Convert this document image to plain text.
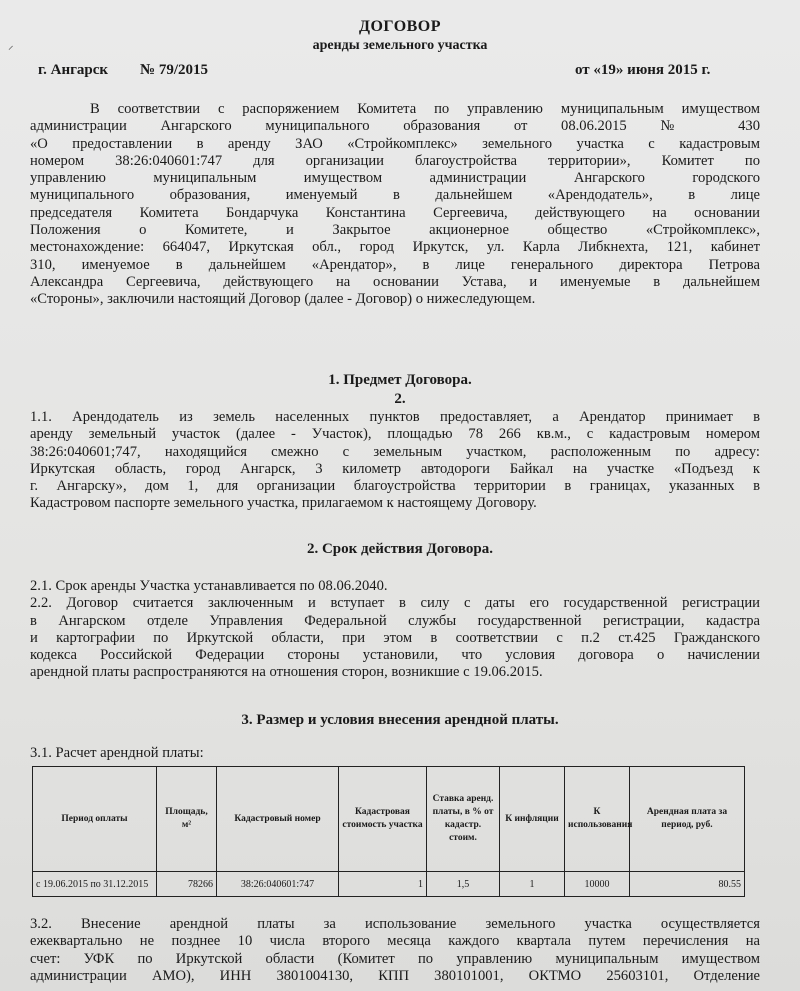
⸝
ДОГОВОР
аренды земельного участка
г. Ангарск № 79/2015	от «19» июня 2015 г.
В соответствии с распоряжением Комитета по управлению муниципальным имуществом
администрации Ангарского муниципального образования от 08.06.2015 № 430
«О предоставлении в аренду ЗАО «Стройкомплекс» земельного участка с кадастровым
номером 38:26:040601:747 для организации благоустройства территории», Комитет по
управлению муниципальным имуществом администрации Ангарского городского
муниципального образования, именуемый в дальнейшем «Арендодатель», в лице
председателя Комитета Бондарчука Константина Сергеевича, действующего на основании
Положения о Комитете, и Закрытое акционерное общество «Стройкомплекс»,
местонахождение: 664047, Иркутская обл., город Иркутск, ул. Карла Либкнехта, 121, кабинет
310, именуемое в дальнейшем «Арендатор», в лице генерального директора Петрова
Александра Сергеевича, действующего на основании Устава, и именуемые в дальнейшем
«Стороны», заключили настоящий Договор (далее - Договор) о нижеследующем.
1. Предмет Договора.
2.
1.1. Арендодатель из земель населенных пунктов предоставляет, а Арендатор принимает в
аренду земельный участок (далее - Участок), площадью 78 266 кв.м., с кадастровым номером
38:26:040601;747, находящийся смежно с земельным участком, расположенным по адресу:
Иркутская область, город Ангарск, 3 километр автодороги Байкал на участке «Подъезд к
г. Ангарску», дом 1, для организации благоустройства территории в границах, указанных в
Кадастровом паспорте земельного участка, прилагаемом к настоящему Договору.
2. Срок действия Договора.
2.1. Срок аренды Участка устанавливается по 08.06.2040.
2.2. Договор считается заключенным и вступает в силу с даты его государственной регистрации
в Ангарском отделе Управления Федеральной службы государственной регистрации, кадастра
и картографии по Иркутской области, при этом в соответствии с п.2 ст.425 Гражданского
кодекса Российской Федерации стороны установили, что условия договора о начислении
арендной платы распространяются на отношения сторон, возникшие с 19.06.2015.
3. Размер и условия внесения арендной платы.
3.1. Расчет арендной платы:
Период оплаты	Площадь, м²	Кадастровый номер	Кадастровая стоимость участка	Ставка аренд. платы, в % от кадастр. стоим.	К инфляции	К использования	Арендная плата за период, руб.
с 19.06.2015 по 31.12.2015	78266	38:26:040601:747	1	1,5	1	10000	80.55
3.2. Внесение арендной платы за использование земельного участка осуществляется
ежеквартально не позднее 10 числа второго месяца каждого квартала путем перечисления на
счет: УФК по Иркутской области (Комитет по управлению муниципальным имуществом
администрации АМО), ИНН 3801004130, КПП 380101001, ОКТМО 25603101, Отделение
